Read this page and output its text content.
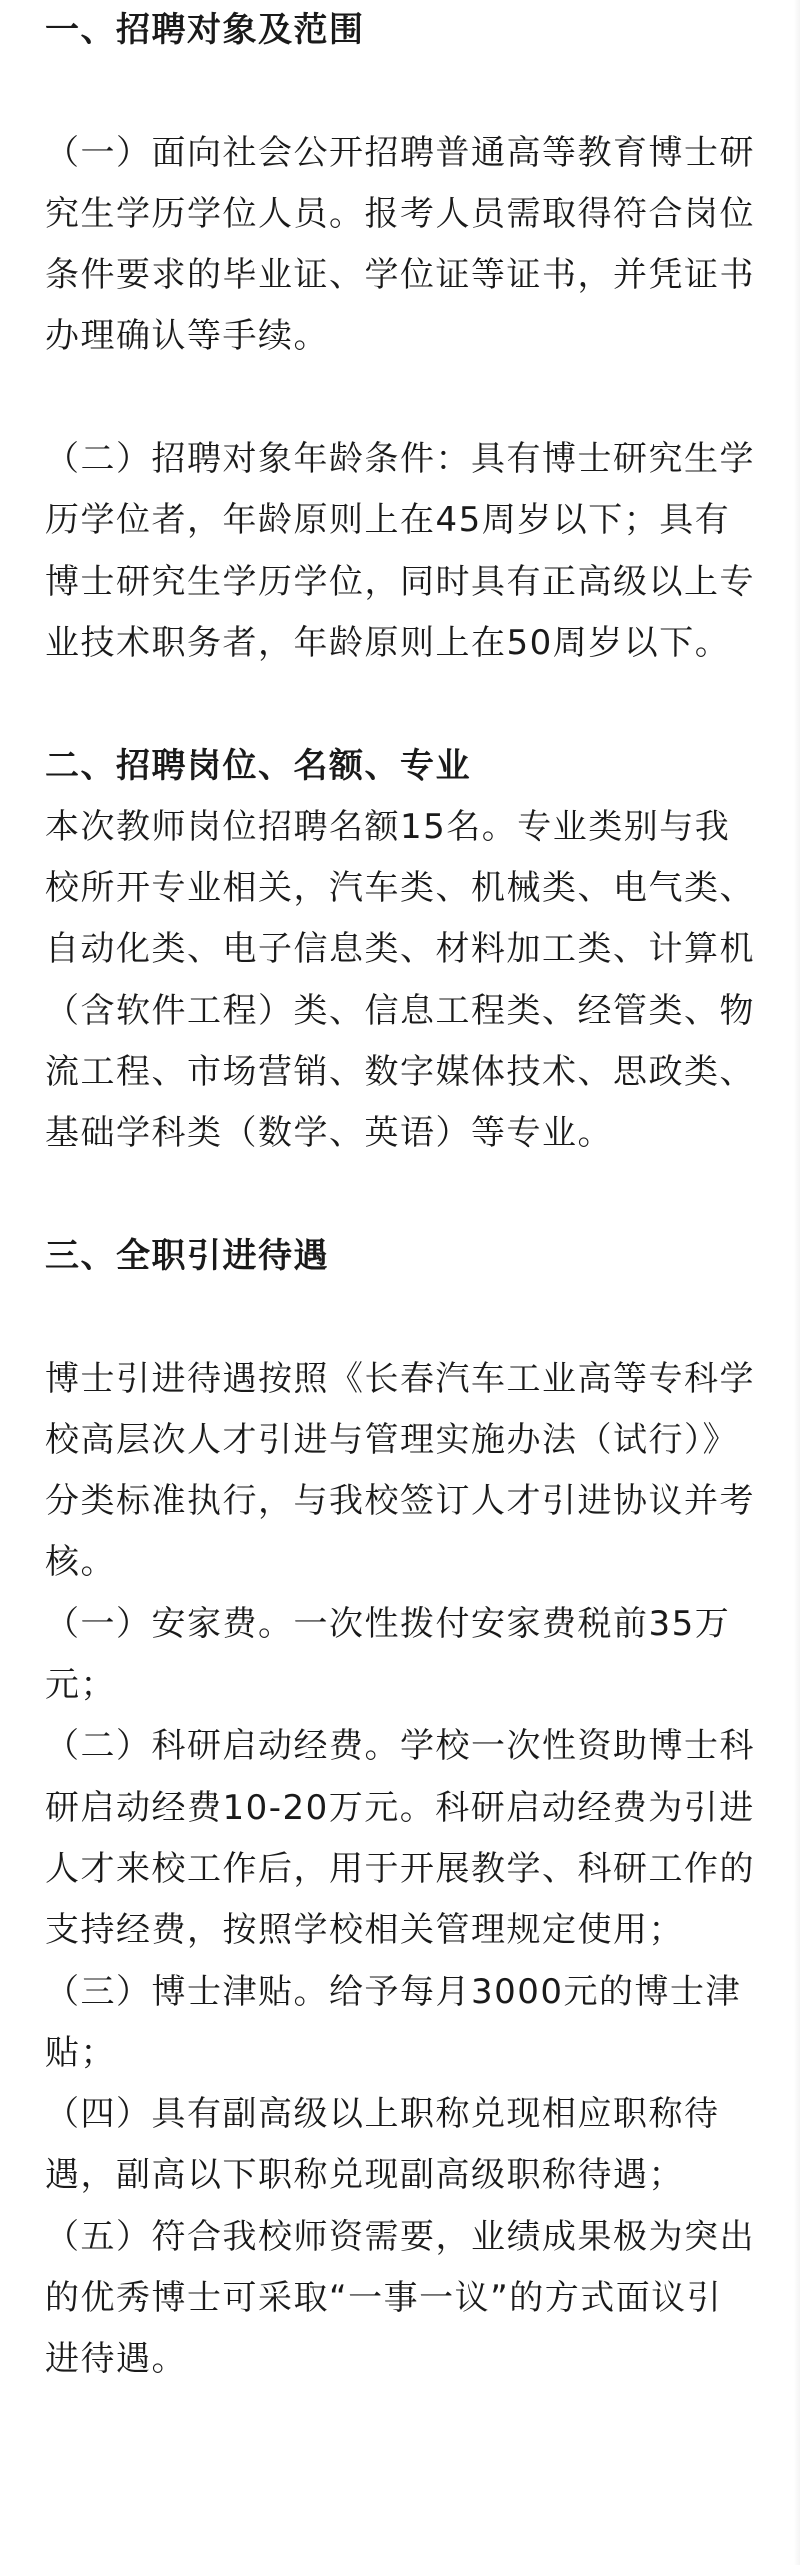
一、招聘对象及范围

（一）面向社会公开招聘普通高等教育博士研究生学历学位人员。报考人员需取得符合岗位条件要求的毕业证、学位证等证书，并凭证书办理确认等手续。

（二）招聘对象年龄条件：具有博士研究生学历学位者，年龄原则上在45周岁以下；具有博士研究生学历学位，同时具有正高级以上专业技术职务者，年龄原则上在50周岁以下。

二、招聘岗位、名额、专业

本次教师岗位招聘名额15名。专业类别与我校所开专业相关，汽车类、机械类、电气类、自动化类、电子信息类、材料加工类、计算机（含软件工程）类、信息工程类、经管类、物流工程、市场营销、数字媒体技术、思政类、基础学科类（数学、英语）等专业。

三、全职引进待遇

博士引进待遇按照《长春汽车工业高等专科学校高层次人才引进与管理实施办法（试行）》分类标准执行，与我校签订人才引进协议并考核。

（一）安家费。一次性拨付安家费税前35万元；

（二）科研启动经费。学校一次性资助博士科研启动经费10-20万元。科研启动经费为引进人才来校工作后，用于开展教学、科研工作的支持经费，按照学校相关管理规定使用；

（三）博士津贴。给予每月3000元的博士津贴；

（四）具有副高级以上职称兑现相应职称待遇，副高以下职称兑现副高级职称待遇；

（五）符合我校师资需要，业绩成果极为突出的优秀博士可采取“一事一议”的方式面议引进待遇。
